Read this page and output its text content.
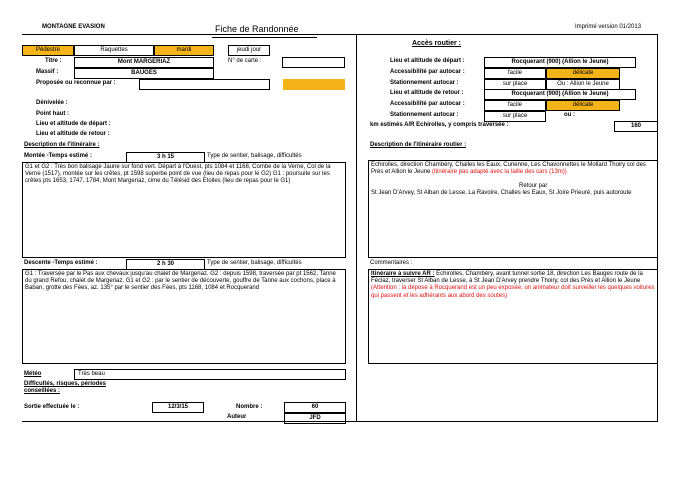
MONTAGNE EVASION	Fiche de Randonnée	Imprimé version 01/2013
Pédestre	Raquettes	mardi	jeudi jour
Titre :	Mont MARGERIAZ	N° de carte :
Massif :	BAUGES
Proposée ou reconnue par :
Dénivelée :
Point haut :
Lieu et altitude de départ :
Lieu et altitude de retour :
Description de l'itinéraire :
Montée -Temps estimé :	3 h 15	Type de sentier, balisage, difficultés
G1 et G2 : Très bon balisage Jaune sur fond vert. Départ à l'Ouest, pts 1084 et 1168, Combe de la Verne, Col de la Verne (1517), montée sur les crêtes, pt 1598 superbe point de vue (lieu de repas pour le G2) G1 : poursuite sur les crêtes pts 1653, 1747, 1784, Mont Margeriaz, cime du Télésid des Etoiles (lieu de repas pour le G1)
Descente -Temps estimé :	2 h 30	Type de sentier, balisage, difficultés
G1 : Traversée par le Pas aux chevaux jusqu'au chalet de Margeriaz. G2 : depuis 1598, traversée par pt 1562, Tanne du grand Refou, chalet de Margeriaz. G1 et G2 : par le sentier de découverte, gouffre de Tanne aux cochons, place à Baban, grotte des Fées, az. 135° par le sentier des Fées, pts 1168, 1084 et Rocquerand
Météo	Très beau
Difficultés, risques, périodes conseillées :
Sortie effectuée le :	12/3/15	Nombre :	60
Auteur	JFD
Accès routier :
Lieu et altitude de départ :	Rocquerant (900) (Allion le Jeune)
Accessibilité par autocar :	facile	délicate
Stationnement autocar :	sur place	Ou : Allion le Jeune
Lieu et altitude de retour :	Rocquerant (900) (Allion le Jeune)
Accessibilité par autocar :	facile	délicate
Stationnement autocar :	sur place	ou :
km estimés A/R Echirolles, y compris traversée :	160
Description de l'itinéraire routier :
Echirolles, direction Chambéry, Challes les Eaux, Curienne, Les Chavonnettes le Mollard Thoiry col des Prés et Allion le Jeune (itinéraire pas adapté avec la taille des cars (13m))
Retour par
St Jean D'Arvey, St Alban de Lesse, La Ravoire, Challes les Eaux, St Joire Prieuré, puis autoroute
Commentaires :
Itinéraire à suivre AR : Echirolles, Chambéry, avant tunnel sortie 18, direction Les Bauges route de la Féclaz, traverser St Alban de Lesse, à St Jean D'Arvey prendre Thoiry, col des Prés et Allion le Jeune (Attention : la dépose à Rocquerand est un peu exposée, un animateur doit surveiller les quelques voitures qui passent et les adhérants aux abord des soutes)
